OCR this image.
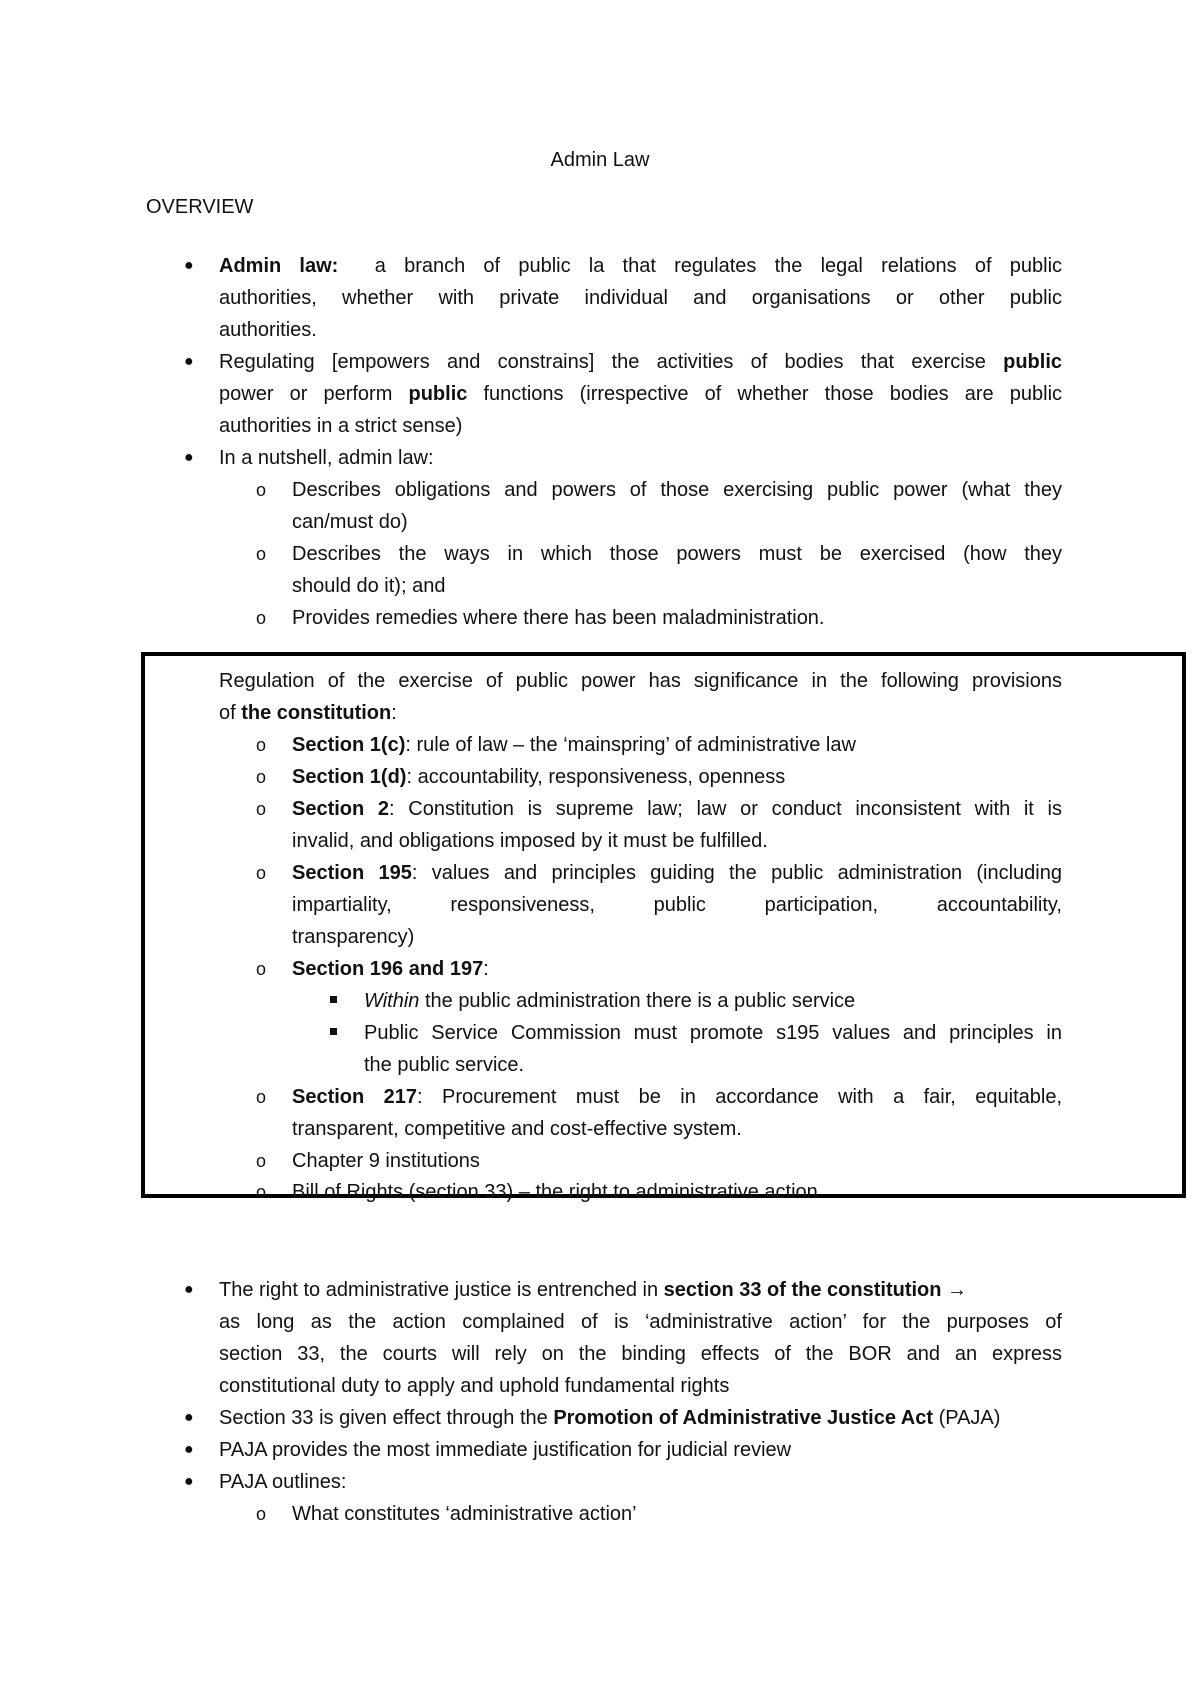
Admin Law
OVERVIEW
● Admin law: a branch of public la that regulates the legal relations of public
authorities, whether with private individual and organisations or other public
authorities.
● Regulating [empowers and constrains] the activities of bodies that exercise public
power or perform public functions (irrespective of whether those bodies are public
authorities in a strict sense)
● In a nutshell, admin law:
o Describes obligations and powers of those exercising public power (what they
can/must do)
o Describes the ways in which those powers must be exercised (how they
should do it); and
o Provides remedies where there has been maladministration.
Regulation of the exercise of public power has significance in the following provisions
of the constitution:
o Section 1(c): rule of law – the ‘mainspring’ of administrative law
o Section 1(d): accountability, responsiveness, openness
o Section 2: Constitution is supreme law; law or conduct inconsistent with it is
invalid, and obligations imposed by it must be fulfilled.
o Section 195: values and principles guiding the public administration (including
impartiality, responsiveness, public participation, accountability,
transparency)
o Section 196 and 197:
Within the public administration there is a public service
Public Service Commission must promote s195 values and principles in
the public service.
o Section 217: Procurement must be in accordance with a fair, equitable,
transparent, competitive and cost-effective system.
o Chapter 9 institutions
o Bill of Rights (section 33) – the right to administrative action
● The right to administrative justice is entrenched in section 33 of the constitution →
as long as the action complained of is ‘administrative action’ for the purposes of
section 33, the courts will rely on the binding effects of the BOR and an express
constitutional duty to apply and uphold fundamental rights
● Section 33 is given effect through the Promotion of Administrative Justice Act (PAJA)
● PAJA provides the most immediate justification for judicial review
● PAJA outlines:
o What constitutes ‘administrative action’
